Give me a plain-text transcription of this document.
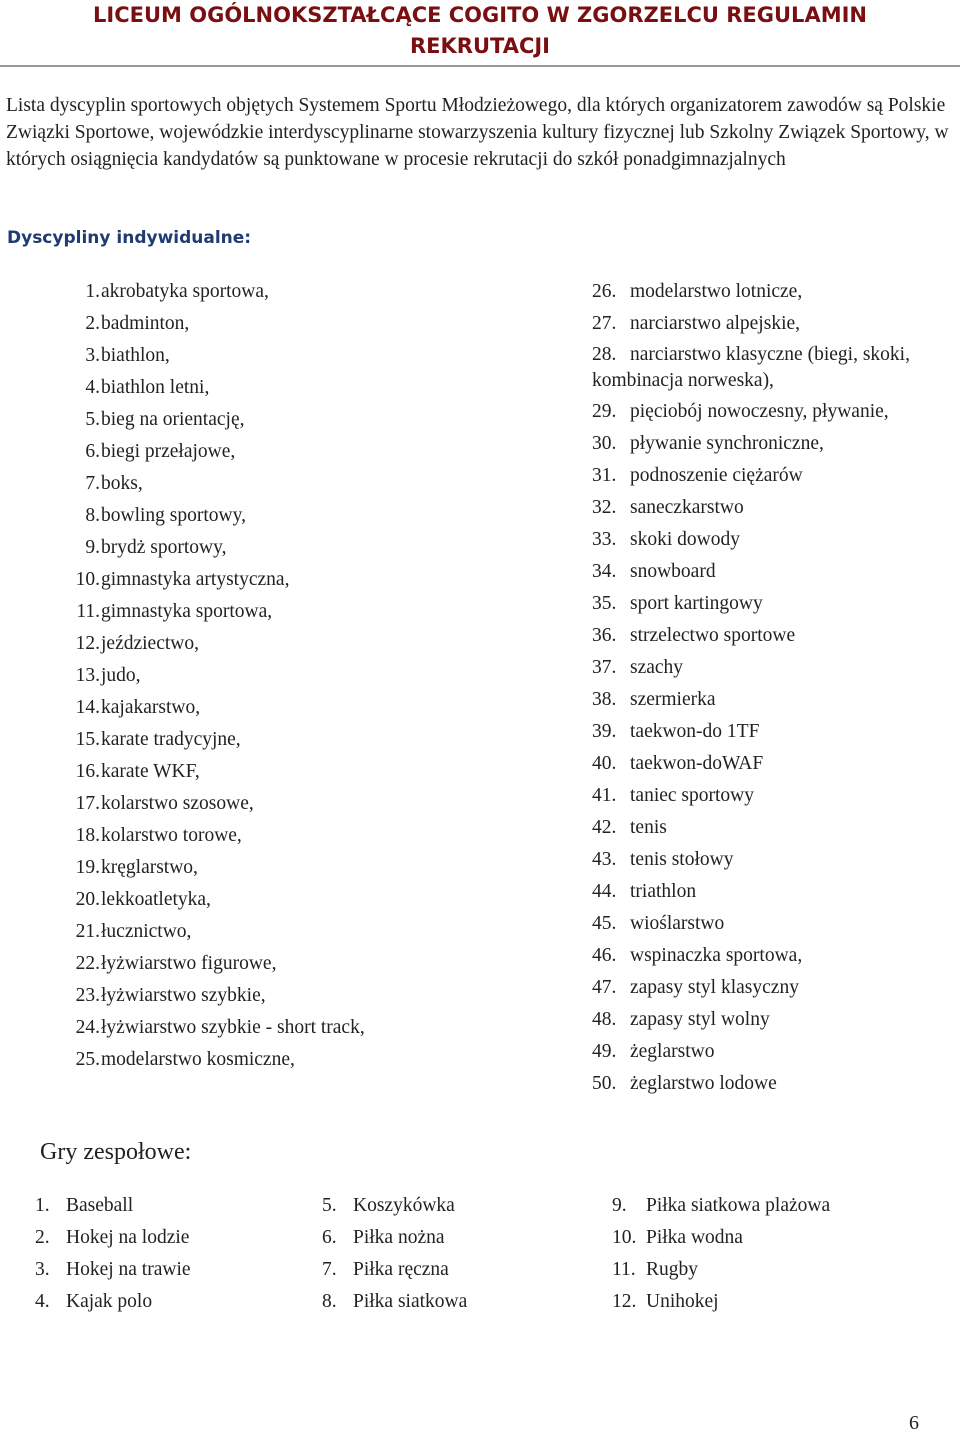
LICEUM OGÓLNOKSZTAŁCĄCE COGITO W ZGORZELCU REGULAMIN
REKRUTACJI
Lista dyscyplin sportowych objętych Systemem Sportu Młodzieżowego, dla których organizatorem zawodów są Polskie Związki Sportowe, wojewódzkie interdyscyplinarne stowarzyszenia kultury fizycznej lub Szkolny Związek Sportowy, w których osiągnięcia kandydatów są punktowane w procesie rekrutacji do szkół ponadgimnazjalnych
Dyscypliny indywidualne:
1.akrobatyka sportowa,
2.badminton,
3.biathlon,
4.biathlon letni,
5.bieg na orientację,
6.biegi przełajowe,
7.boks,
8.bowling sportowy,
9.brydż sportowy,
10.gimnastyka artystyczna,
11.gimnastyka sportowa,
12.jeździectwo,
13.judo,
14.kajakarstwo,
15.karate tradycyjne,
16.karate WKF,
17.kolarstwo szosowe,
18.kolarstwo torowe,
19.kręglarstwo,
20.lekkoatletyka,
21.łucznictwo,
22.łyżwiarstwo figurowe,
23.łyżwiarstwo szybkie,
24.łyżwiarstwo szybkie - short track,
25.modelarstwo kosmiczne,
26. modelarstwo lotnicze,
27. narciarstwo alpejskie,
28. narciarstwo klasyczne (biegi, skoki,
kombinacja norweska),
29. pięciobój nowoczesny, pływanie,
30. pływanie synchroniczne,
31. podnoszenie ciężarów
32. saneczkarstwo
33. skoki dowody
34. snowboard
35. sport kartingowy
36. strzelectwo sportowe
37. szachy
38. szermierka
39. taekwon-do 1TF
40. taekwon-doWAF
41. taniec sportowy
42. tenis
43. tenis stołowy
44. triathlon
45. wioślarstwo
46. wspinaczka sportowa,
47. zapasy styl klasyczny
48. zapasy styl wolny
49. żeglarstwo
50. żeglarstwo lodowe
Gry zespołowe:
1. Baseball
2. Hokej na lodzie
3. Hokej na trawie
4. Kajak polo
5. Koszykówka
6. Piłka nożna
7. Piłka ręczna
8. Piłka siatkowa
9. Piłka siatkowa plażowa
10. Piłka wodna
11. Rugby
12. Unihokej
6
